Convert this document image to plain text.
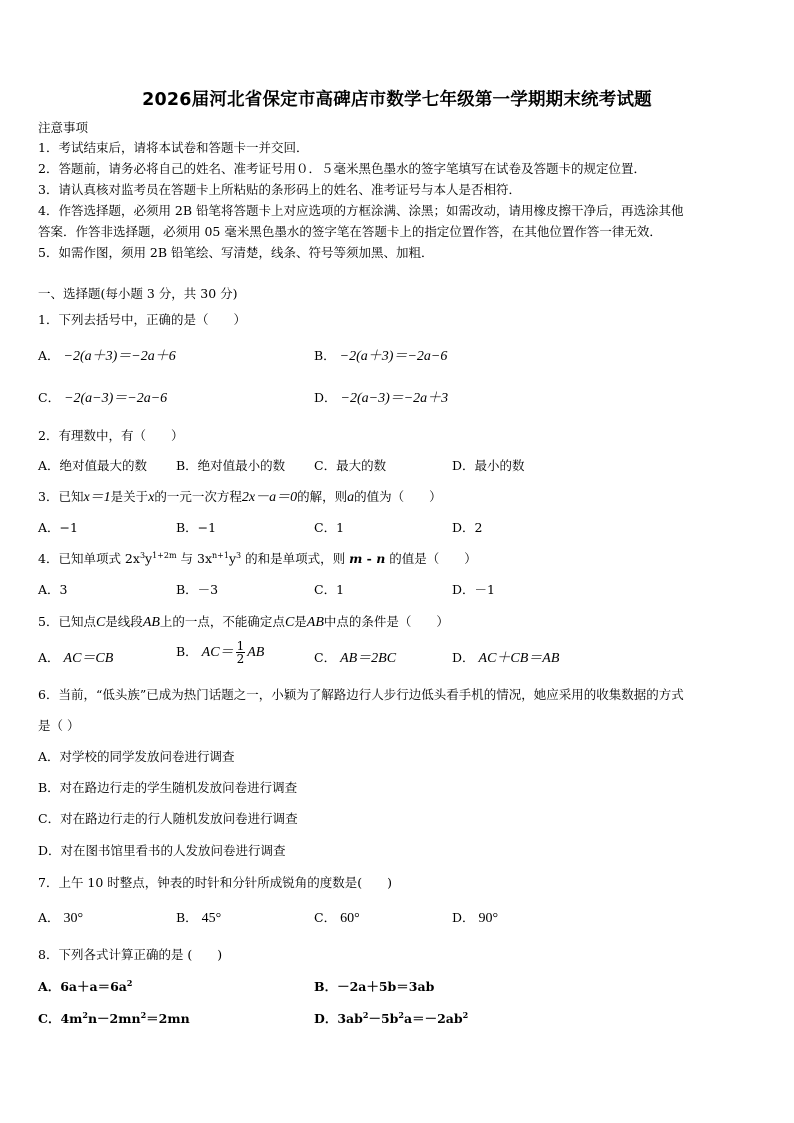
2026届河北省保定市高碑店市数学七年级第一学期期末统考试题
注意事项
1．考试结束后，请将本试卷和答题卡一并交回．
2．答题前，请务必将自己的姓名、准考证号用０．５毫米黑色墨水的签字笔填写在试卷及答题卡的规定位置．
3．请认真核对监考员在答题卡上所粘贴的条形码上的姓名、准考证号与本人是否相符．
4．作答选择题，必须用 2B 铅笔将答题卡上对应选项的方框涂满、涂黑；如需改动，请用橡皮擦干净后，再选涂其他
答案．作答非选择题，必须用 05 毫米黑色墨水的签字笔在答题卡上的指定位置作答，在其他位置作答一律无效．
5．如需作图，须用 2B 铅笔绘、写清楚，线条、符号等须加黑、加粗．
一、选择题(每小题 3 分，共 30 分)
1．下列去括号中，正确的是（　　）
A． −2(a＋3)＝−2a＋6	B． −2(a＋3)＝−2a−6
C． −2(a−3)＝−2a−6	D． −2(a−3)＝−2a＋3
2．有理数中，有（　　）
A．绝对值最大的数 B．绝对值最小的数 C．最大的数	D．最小的数
3．已知x＝1是关于x的一元一次方程2x－a＝0的解，则a的值为（　　）
A．−1	B．−1	C．1	D．2
4．已知单项式 $2x^3y^{1+2m}$ 与 $3x^{n+1}y^3$ 的和是单项式，则 m - n 的值是（　　）
A．3	B．－3	C．1	D．－1
5．已知点C是线段AB上的一点，不能确定点C是AB中点的条件是（　　）
A． AC＝CB	B． $AC= \frac{1}{2}$ AB	C． AB＝2BC	D． AC＋CB＝AB
6．当前，“低头族”已成为热门话题之一，小颖为了解路边行人步行边低头看手机的情况，她应采用的收集数据的方式
是（ ）
A．对学校的同学发放问卷进行调查
B．对在路边行走的学生随机发放问卷进行调查
C．对在路边行走的行人随机发放问卷进行调查
D．对在图书馆里看书的人发放问卷进行调查
7．上午 10 时整点，钟表的时针和分针所成锐角的度数是(　　)
A． 30°	B． 45°	C． 60°	D． 90°
8．下列各式计算正确的是 (　　)
A．$6a+a=6a^2$	B．－2a＋5b＝3ab
C．$4m^2n-2mn^2=2mn$	D．$3ab^2-5b^2a=-2ab^2$
